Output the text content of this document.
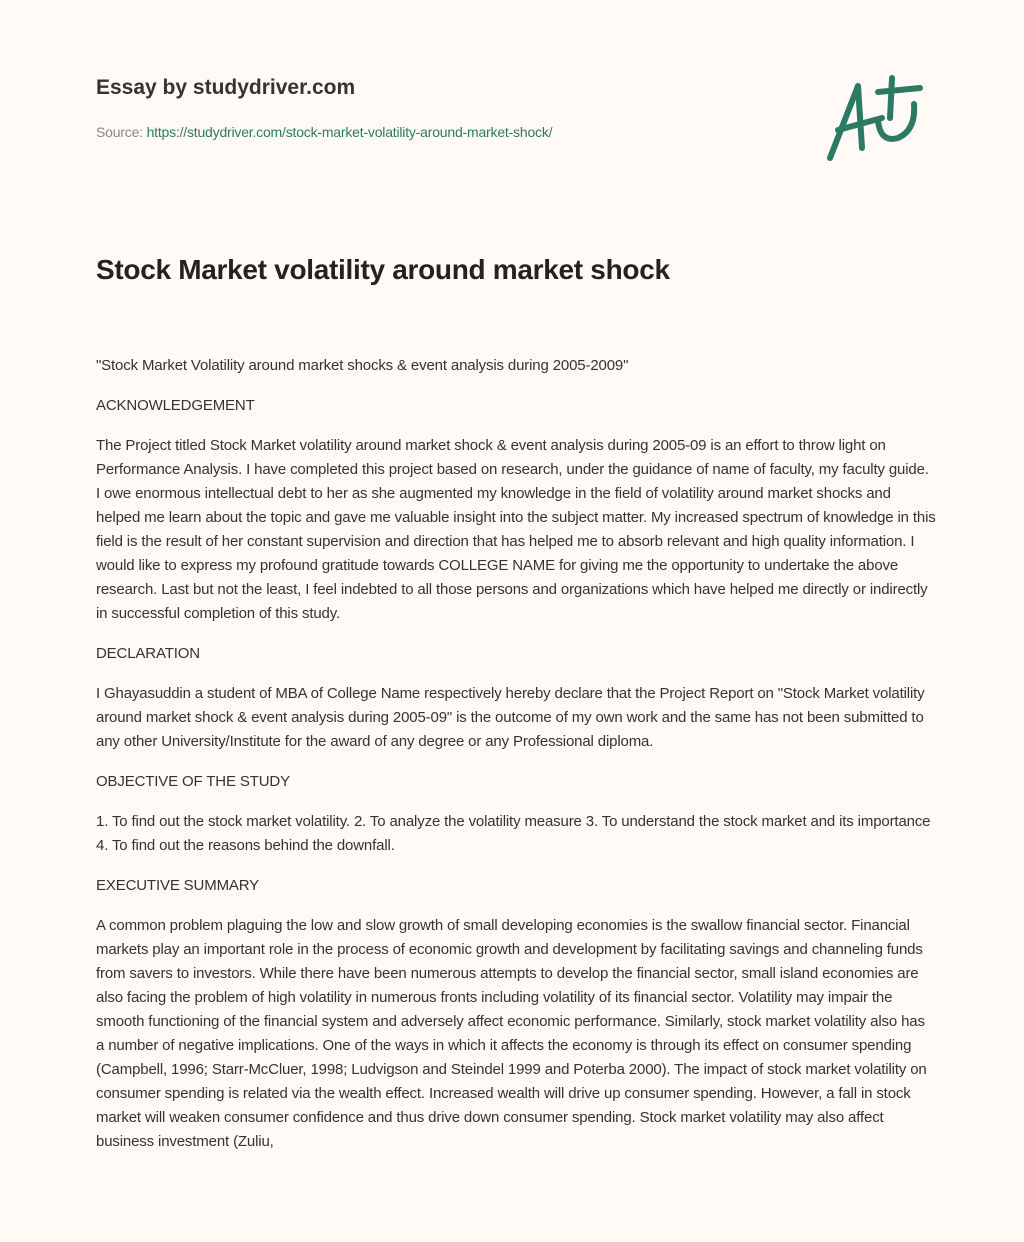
Essay by studydriver.com
Source: https://studydriver.com/stock-market-volatility-around-market-shock/
Stock Market volatility around market shock

"Stock Market Volatility around market shocks & event analysis during 2005-2009"

ACKNOWLEDGEMENT

The Project titled Stock Market volatility around market shock & event analysis during 2005-09 is an effort to throw light on Performance Analysis. I have completed this project based on research, under the guidance of name of faculty, my faculty guide. I owe enormous intellectual debt to her as she augmented my knowledge in the field of volatility around market shocks and helped me learn about the topic and gave me valuable insight into the subject matter. My increased spectrum of knowledge in this field is the result of her constant supervision and direction that has helped me to absorb relevant and high quality information. I would like to express my profound gratitude towards COLLEGE NAME for giving me the opportunity to undertake the above research. Last but not the least, I feel indebted to all those persons and organizations which have helped me directly or indirectly in successful completion of this study.

DECLARATION

I Ghayasuddin a student of MBA of College Name respectively hereby declare that the Project Report on "Stock Market volatility around market shock & event analysis during 2005-09" is the outcome of my own work and the same has not been submitted to any other University/Institute for the award of any degree or any Professional diploma.

OBJECTIVE OF THE STUDY

1. To find out the stock market volatility. 2. To analyze the volatility measure 3. To understand the stock market and its importance 4. To find out the reasons behind the downfall.

EXECUTIVE SUMMARY

A common problem plaguing the low and slow growth of small developing economies is the swallow financial sector. Financial markets play an important role in the process of economic growth and development by facilitating savings and channeling funds from savers to investors. While there have been numerous attempts to develop the financial sector, small island economies are also facing the problem of high volatility in numerous fronts including volatility of its financial sector. Volatility may impair the smooth functioning of the financial system and adversely affect economic performance. Similarly, stock market volatility also has a number of negative implications. One of the ways in which it affects the economy is through its effect on consumer spending (Campbell, 1996; Starr-McCluer, 1998; Ludvigson and Steindel 1999 and Poterba 2000). The impact of stock market volatility on consumer spending is related via the wealth effect. Increased wealth will drive up consumer spending. However, a fall in stock market will weaken consumer confidence and thus drive down consumer spending. Stock market volatility may also affect business investment (Zuliu,
